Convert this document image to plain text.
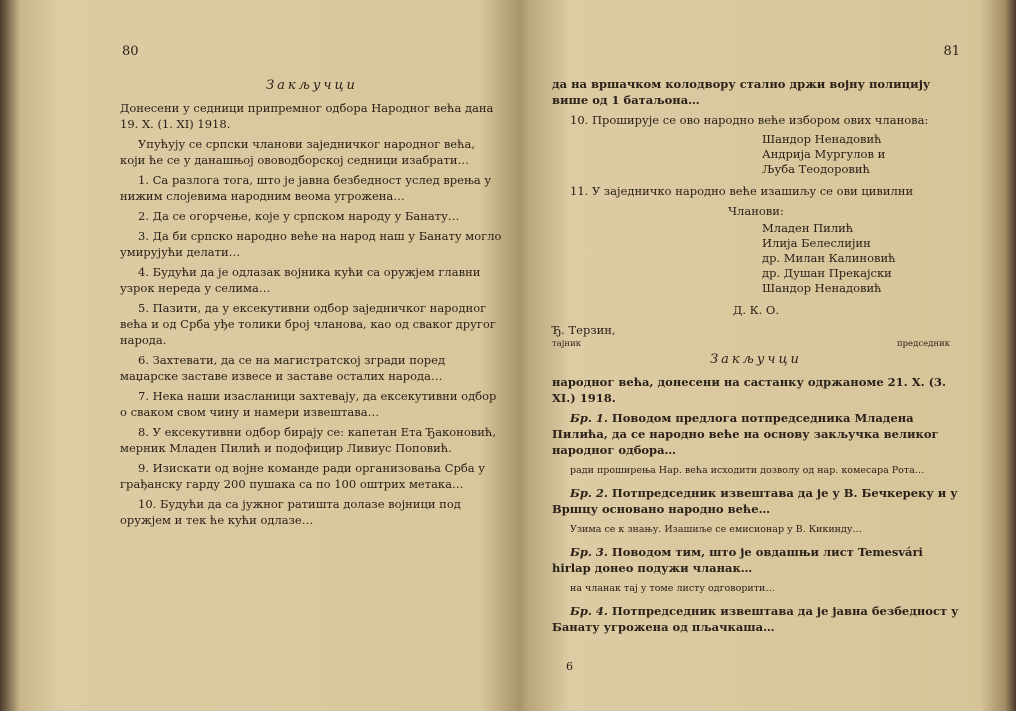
80
Закључци

Донесени у седници припремног одбора Народног већа дана 19. Х. (1. XI) 1918.

Упућују се српски чланови заједничког народног већа, који ће се у данашњој ововодборској седници изабрати…

1. Са разлога тога, што је јавна безбедност услед врења у нижим слојевима народним веома угрожена…

2. Да се огорчење, које у српском народу у Банату…

3. Да би српско народно веће на народ наш у Банату могло умирујући делати…

4. Будући да је одлазак војника кући са оружјем главни узрок нереда у селима…

5. Пазити, да у ексекутивни одбор заједничког народног већа и од Срба уђе толики број чланова, као од свакоr другог народа.

6. Захтевати, да се на магистратској згради поред маџарске заставе извесе и заставе осталих народа…

7. Нека наши изасланици захтевају, да ексекутивни одбор о сваком свом чину и намери извештава…

8. У ексекутивни одбор бирају се: капетан Ета Ђаконовић, мерник Младен Пилић и подофицир Ливиус Поповић.

9. Изискати од војне команде ради организовања Срба у грађанску гарду 200 пушака са по 100 оштрих метака…

10. Будући да са јужног ратишта долазе војници под оружјем и тек ће кући одлазе…

81

да на вршачком колодвору стално држи војну полицију више од 1 батаљона…

10. Проширује се ово народно веће избором ових чланова:

Шандор Ненадовић
Андрија Мургулов и
Љуба Теодоровић

11. У заједничко народно веће изашиљу се ови цивилни

Чланови:
Младен Пилић
Илија Белеслијин
др. Милан Калиновић
др. Душан Прекајски
Шандор Ненадовић
Д. К. О.
Ђ. Терзин,
тајник	председник
Закључци

народног већа, донесени на састанку одржаноме 21. X. (3. XI.) 1918.

Бр. 1. Поводом предлога потпредседника Младена Пилића, да се народно веће на основу закључка великог народног одбора…

ради проширења Нар. већа исходити дозволу од нар. комесара Рота…

Бр. 2. Потпредседник извештава да је у В. Бечкереку и у Вршцу основано народно веће…

Узима се к знању. Изашиље се емисионар у В. Кикинду…

Бр. 3. Поводом тим, што је овдашњи лист Temesvári hirlap донео подужи чланак…

на чланак тај у томе листу одговорити…

Бр. 4. Потпредседник извештава да је јавна безбедност у Банату угрожена од пљачкаша…

6
